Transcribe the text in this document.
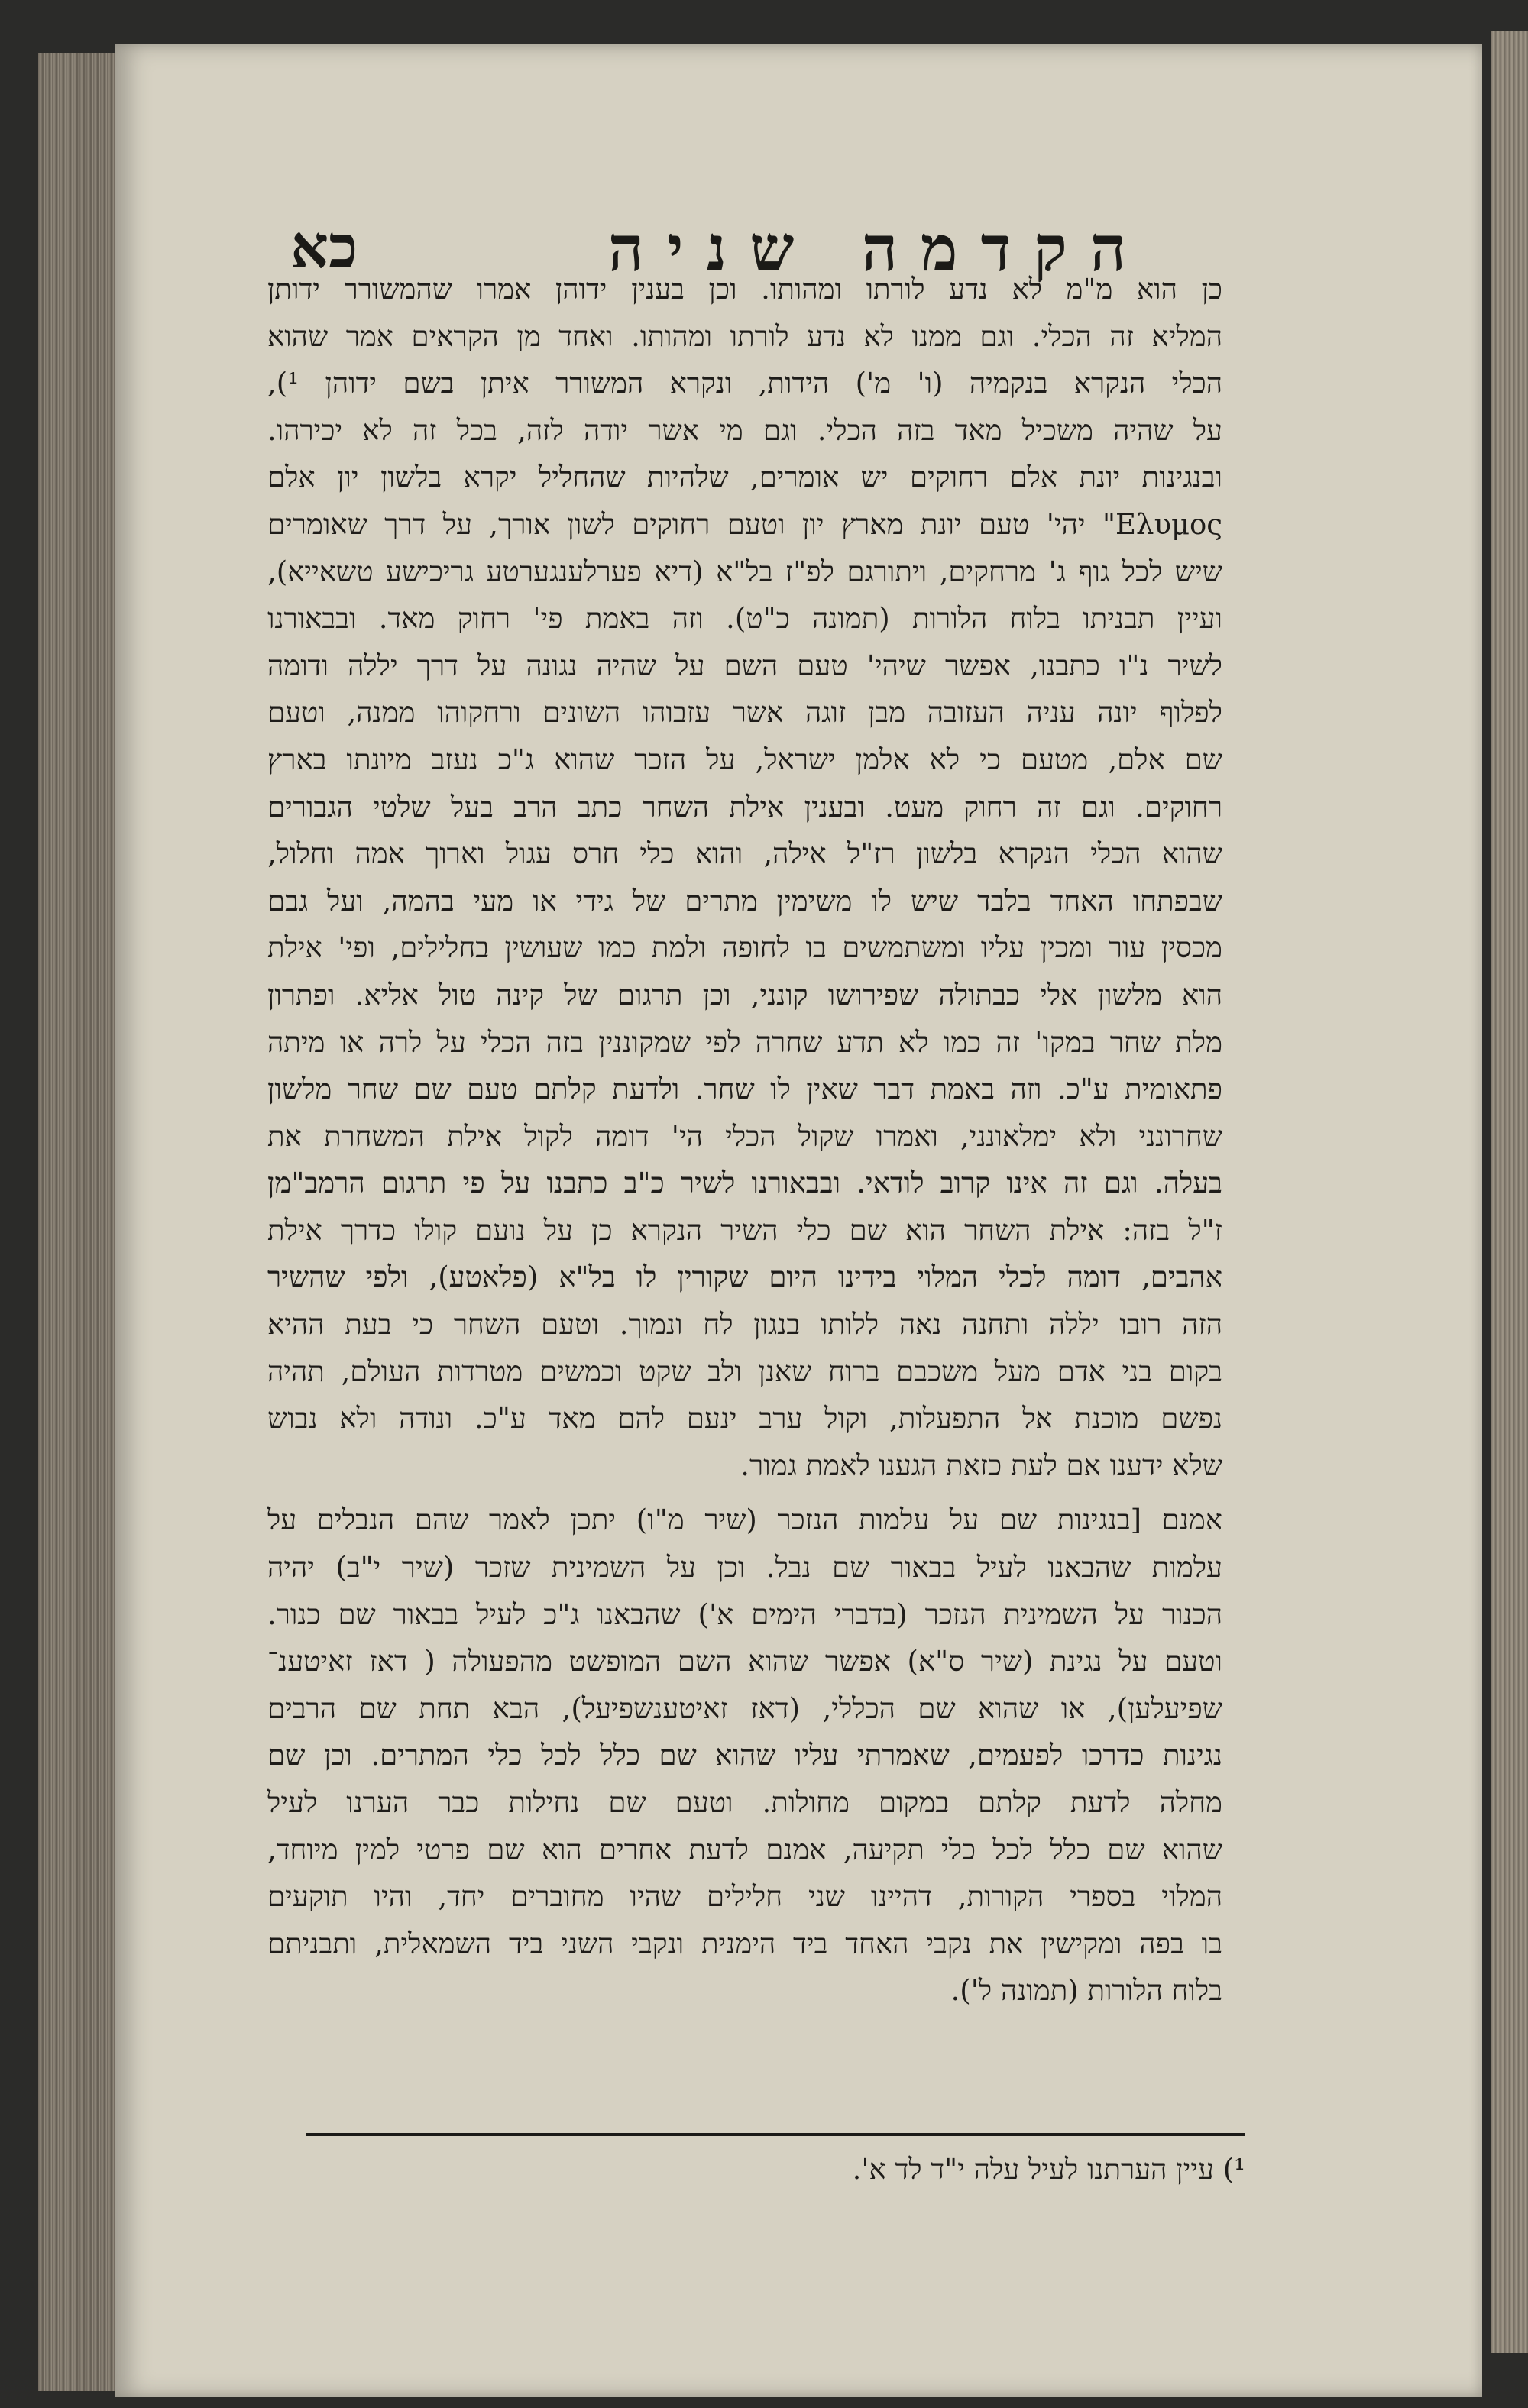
כא	הקדמה שניה
כן הוא מ"מ לא נדע לורתו ומהותו. וכן בענין ידוהן אמרו שהמשורר ידותן
המליא זה הכלי. וגם ממנו לא נדע לורתו ומהותו. ואחד מן הקראים אמר שהוא
הכלי הנקרא בנקמיה (ו' מ') הידות, ונקרא המשורר איתן בשם ידוהן ¹),
על שהיה משכיל מאד בזה הכלי. וגם מי אשר יודה לזה, בכל זה לא יכירהו.
ובנגינות יונת אלם רחוקים יש אומרים, שלהיות שהחליל יקרא בלשון יון אלם
Ελυμος" יהי' טעם יונת מארץ יון וטעם רחוקים לשון אורך, על דרך שאומרים
שיש לכל גוף ג' מרחקים, ויתורגם לפ"ז בל"א (דיא פערלענגערטע גריכישע טשאייא),
ועיין תבניתו בלוח הלורות (תמונה כ"ט). וזה באמת פי' רחוק מאד. ובבאורנו
לשיר נ"ו כתבנו, אפשר שיהי' טעם השם על שהיה נגונה על דרך יללה ודומה
לפלוף יונה עניה העזובה מבן זוגה אשר עזבוהו השונים ורחקוהו ממנה, וטעם
שם אלם, מטעם כי לא אלמן ישראל, על הזכר שהוא ג"כ נעזב מיונתו בארץ
רחוקים. וגם זה רחוק מעט. ובענין אילת השחר כתב הרב בעל שלטי הגבורים
שהוא הכלי הנקרא בלשון רז"ל אילה, והוא כלי חרס עגול וארוך אמה וחלול,
שבפתחו האחד בלבד שיש לו משימין מתרים של גידי או מעי בהמה, ועל גבם
מכסין עור ומכין עליו ומשתמשים בו לחופה ולמת כמו שעושין בחלילים, ופי' אילת
הוא מלשון אלי כבתולה שפירושו קונני, וכן תרגום של קינה טול אליא. ופתרון
מלת שחר במקו' זה כמו לא תדע שחרה לפי שמקוננין בזה הכלי על לרה או מיתה
פתאומית ע"כ. וזה באמת דבר שאין לו שחר. ולדעת קלתם טעם שם שחר מלשון
שחרונני ולא ימלאונני, ואמרו שקול הכלי הי' דומה לקול אילת המשחרת את
בעלה. וגם זה אינו קרוב לודאי. ובבאורנו לשיר כ"ב כתבנו על פי תרגום הרמב"מן
ז"ל בזה: אילת השחר הוא שם כלי השיר הנקרא כן על נועם קולו כדרך אילת
אהבים, דומה לכלי המלוי בידינו היום שקורין לו בל"א (פלאטע), ולפי שהשיר
הזה רובו יללה ותחנה נאה ללותו בנגון לח ונמוך. וטעם השחר כי בעת ההיא
בקום בני אדם מעל משכבם ברוח שאנן ולב שקט וכמשים מטרדות העולם, תהיה
נפשם מוכנת אל התפעלות, וקול ערב ינעם להם מאד ע"כ. ונודה ולא נבוש
שלא ידענו אם לעת כזאת הגענו לאמת גמור.
אמנם [בנגינות שם על עלמות הנזכר (שיר מ"ו) יתכן לאמר שהם הנבלים על
עלמות שהבאנו לעיל בבאור שם נבל. וכן על השמינית שזכר (שיר י"ב) יהיה
הכנור על השמינית הנזכר (בדברי הימים א') שהבאנו ג"כ לעיל בבאור שם כנור.
וטעם על נגינת (שיר ס"א) אפשר שהוא השם המופשט מהפעולה ( דאז זאיטענ־
שפיעלען), או שהוא שם הכללי, (דאז זאיטענשפיעל), הבא תחת שם הרבים
נגינות כדרכו לפעמים, שאמרתי עליו שהוא שם כלל לכל כלי המתרים. וכן שם
מחלה לדעת קלתם במקום מחולות. וטעם שם נחילות כבר הערנו לעיל
שהוא שם כלל לכל כלי תקיעה, אמנם לדעת אחרים הוא שם פרטי למין מיוחד,
המלוי בספרי הקורות, דהיינו שני חלילים שהיו מחוברים יחד, והיו תוקעים
בו בפה ומקישין את נקבי האחד ביד הימנית ונקבי השני ביד השמאלית, ותבניתם
בלוח הלורות (תמונה ל').
¹) עיין הערתנו לעיל עלה י"ד לד א'.
